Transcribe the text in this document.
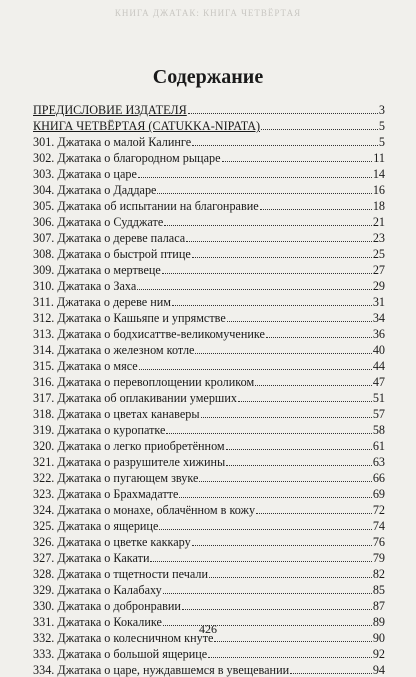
КНИГА ДЖАТАК: КНИГА ЧЕТВЁРТАЯ
Содержание
ПРЕДИСЛОВИЕ ИЗДАТЕЛЯ	3
КНИГА ЧЕТВЁРТАЯ (CATUKKA-NIPATA)	5
301. Джатака о малой Калинге	5
302. Джатака о благородном рыцаре	11
303. Джатака о царе	14
304. Джатака о Даддаре	16
305. Джатака об испытании на благонравие	18
306. Джатака о Судджате	21
307. Джатака о дереве паласа	23
308. Джатака о быстрой птице	25
309. Джатака о мертвеце	27
310. Джатака о Заха	29
311. Джатака о дереве ним	31
312. Джатака о Кашьяпе и упрямстве	34
313. Джатака о бодхисаттве-великомученике	36
314. Джатака о железном котле	40
315. Джатака о мясе	44
316. Джатака о перевоплощении кроликом	47
317. Джатака об оплакивании умерших	51
318. Джатака о цветах канаверы	57
319. Джатака о куропатке	58
320. Джатака о легко приобретённом	61
321. Джатака о разрушителе хижины	63
322. Джатака о пугающем звуке	66
323. Джатака о Брахмадатте	69
324. Джатака о монахе, облачённом в кожу	72
325. Джатака о ящерице	74
326. Джатака о цветке каккару	76
327. Джатака о Какати	79
328. Джатака о тщетности печали	82
329. Джатака о Калабаху	85
330. Джатака о добронравии	87
331. Джатака о Кокалике	89
332. Джатака о колесничном кнуте	90
333. Джатака о большой ящерице	92
334. Джатака о царе, нуждавшемся в увещевании	94
426
